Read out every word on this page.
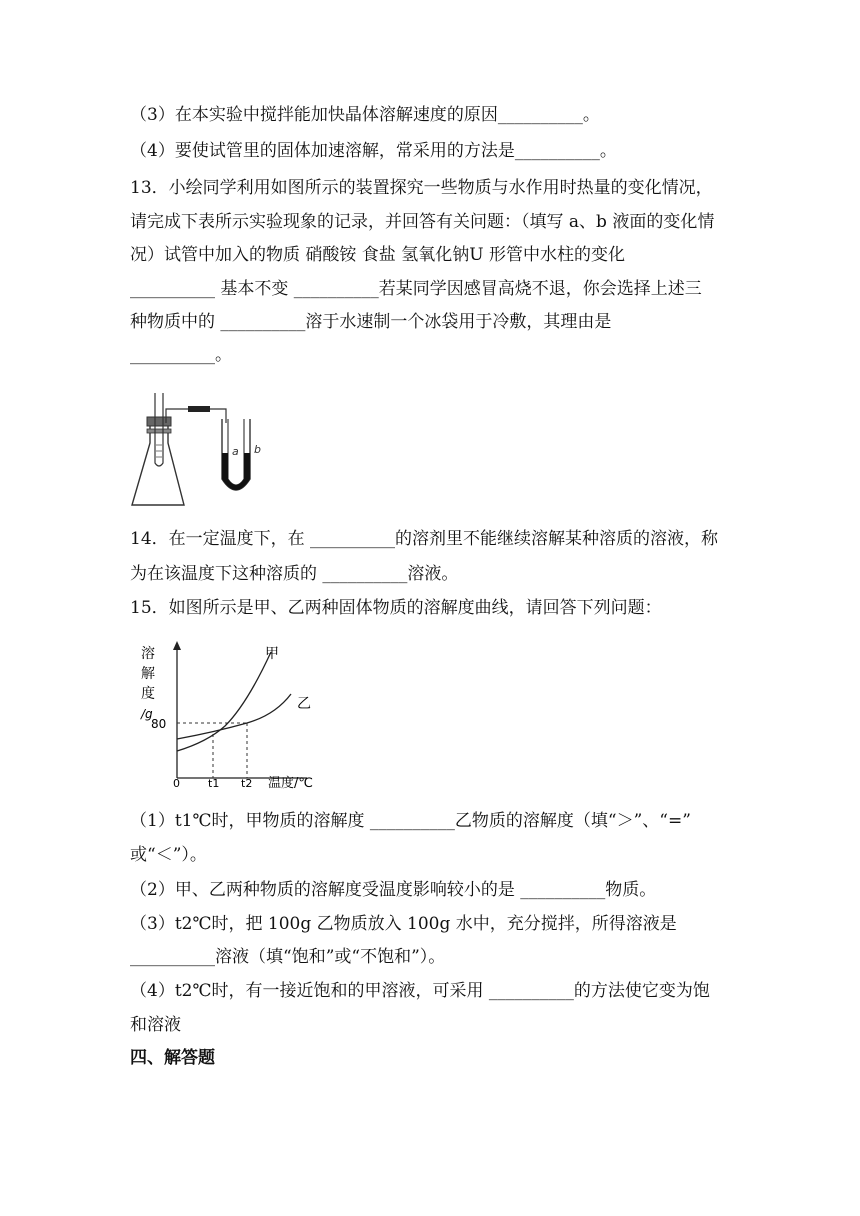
（3）在本实验中搅拌能加快晶体溶解速度的原因__________。
（4）要使试管里的固体加速溶解，常采用的方法是__________。
13．小绘同学利用如图所示的装置探究一些物质与水作用时热量的变化情况，
请完成下表所示实验现象的记录，并回答有关问题：（填写 a、b 液面的变化情
况）试管中加入的物质 硝酸铵 食盐 氢氧化钠U 形管中水柱的变化
__________ 基本不变 __________若某同学因感冒高烧不退，你会选择上述三
种物质中的 __________溶于水速制一个冰袋用于冷敷，其理由是
__________。
a b
14．在一定温度下，在 __________的溶剂里不能继续溶解某种溶质的溶液，称
为在该温度下这种溶质的 __________溶液。
15．如图所示是甲、乙两种固体物质的溶解度曲线，请回答下列问题：
溶
解
度
/g
80
0	t1 t2 温度/℃
甲
乙
（1）t1℃时，甲物质的溶解度 __________乙物质的溶解度（填“＞”、“=”
或“＜”）。
（2）甲、乙两种物质的溶解度受温度影响较小的是 __________物质。
（3）t2℃时，把 100g 乙物质放入 100g 水中，充分搅拌，所得溶液是
__________溶液（填“饱和”或“不饱和”）。
（4）t2℃时，有一接近饱和的甲溶液，可采用 __________的方法使它变为饱
和溶液
四、解答题
